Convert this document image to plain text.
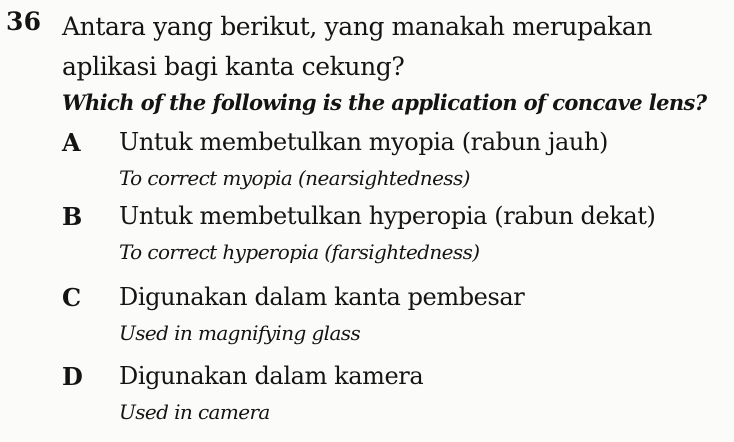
36 Antara yang berikut, yang manakah merupakan aplikasi bagi kanta cekung?
Which of the following is the application of concave lens?
A Untuk membetulkan myopia (rabun jauh)
To correct myopia (nearsightedness)
B Untuk membetulkan hyperopia (rabun dekat)
To correct hyperopia (farsightedness)
C Digunakan dalam kanta pembesar
Used in magnifying glass
D Digunakan dalam kamera
Used in camera
